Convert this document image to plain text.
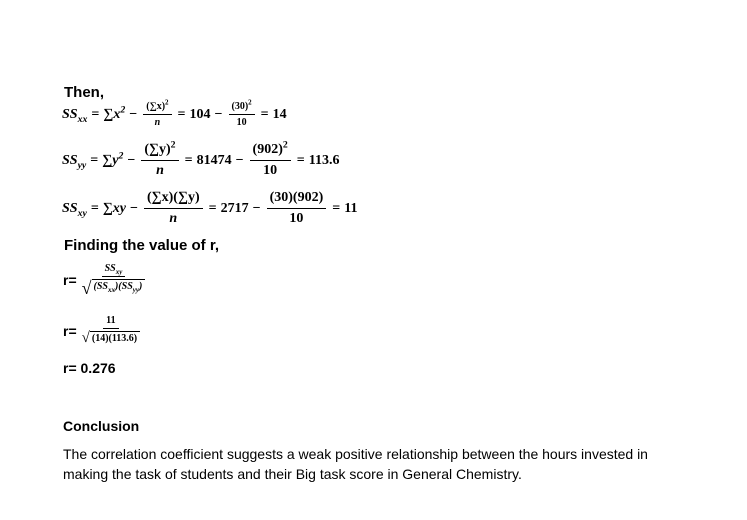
Then,
$SS_{xx} = \sum x^2 - \frac{(\sum x)^2}{n} = 104 - \frac{(30)^2}{10} = 14$
$SS_{yy} = \sum y^2 - \frac{(\sum y)^2}{n} = 81474 - \frac{(902)^2}{10} = 113.6$
$SS_{xy} = \sum xy - \frac{(\sum x)(\sum y)}{n} = 2717 - \frac{(30)(902)}{10} = 11$
Finding the value of r,
$r= \frac{SS_{xy}}{√ (SS_{xx})(SS_{yy})}$
$r= \frac{11}{√ (14)(113.6)}$
r= 0.276
Conclusion
The correlation coefficient suggests a weak positive relationship between the hours invested in making the task of students and their Big task score in General Chemistry.
